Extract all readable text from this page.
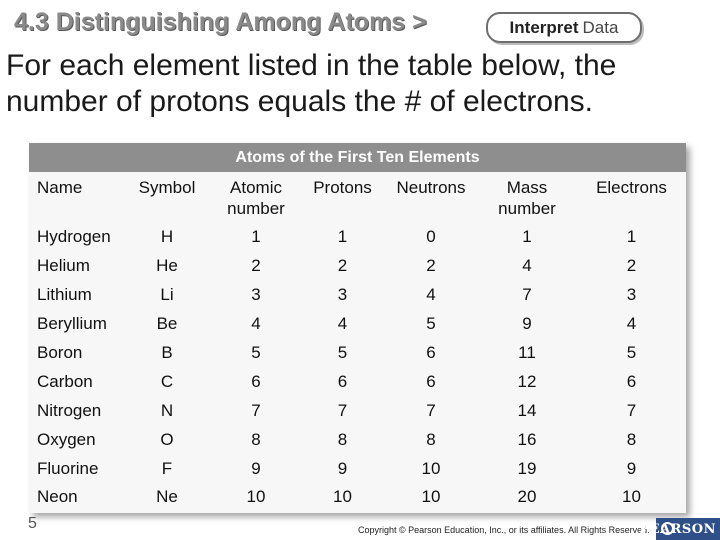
4.3 Distinguishing Among Atoms >	Interpret Data
For each element listed in the table below, the number of protons equals the # of electrons.
Atoms of the First Ten Elements
Name	Symbol	Atomic number	Protons	Neutrons	Mass number	Electrons
Hydrogen	H	1	1	0	1	1
Helium	He	2	2	2	4	2
Lithium	Li	3	3	4	7	3
Beryllium	Be	4	4	5	9	4
Boron	B	5	5	6	11	5
Carbon	C	6	6	6	12	6
Nitrogen	N	7	7	7	14	7
Oxygen	O	8	8	8	16	8
Fluorine	F	9	9	10	19	9
Neon	Ne	10	10	10	20	10
5	Copyright © Pearson Education, Inc., or its affiliates. All Rights Reserved.
PEARSON
